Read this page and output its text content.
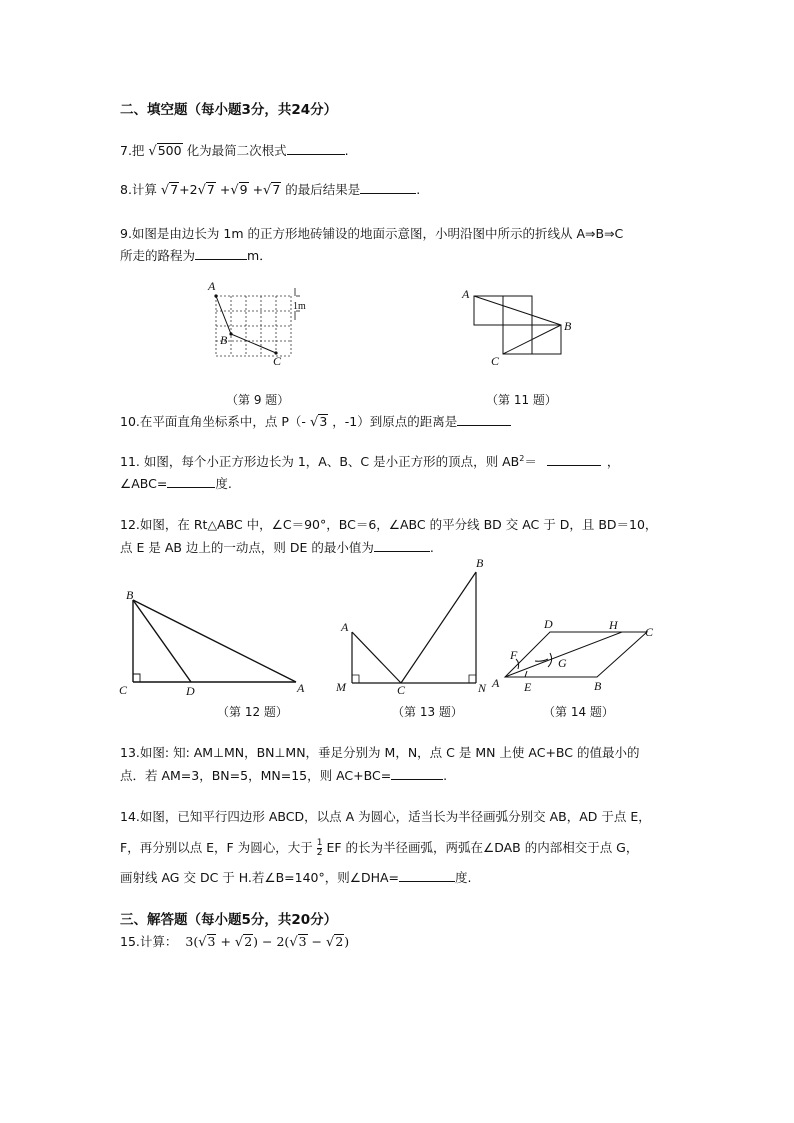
二、填空题（每小题3分，共24分）
7.把 √500 化为最简二次根式	.
8.计算 √7+2√7 +√9 +√7 的最后结果是	.
9.如图是由边长为 1m 的正方形地砖铺设的地面示意图，小明沿图中所示的折线从 A⇒B⇒C
所走的路程为	m．
A
B
C
1m
（第 9 题）
A
B
C
（第 11 题）
10.在平面直角坐标系中，点 P（- √3 ，-1）到原点的距离是
11. 如图，每个小正方形边长为 1，A、B、C 是小正方形的顶点，则 $AB^2=$	，
∠ABC=	度.
12.如图，在 Rt△ABC 中，∠C＝90°，BC＝6，∠ABC 的平分线 BD 交 AC 于 D，且 BD＝10，
点 E 是 AB 边上的一动点，则 DE 的最小值为	.
B
C	D	A
（第 12 题）
A
B
M	C	N
（第 13 题）
D	H C
F
G
A E	B
（第 14 题）
13.如图: 知: AM⊥MN，BN⊥MN，垂足分别为 M，N，点 C 是 MN 上使 AC+BC 的值最小的
点．若 AM=3，BN=5，MN=15，则 AC+BC=	.
14.如图，已知平行四边形 ABCD，以点 A 为圆心，适当长为半径画弧分别交 AB，AD 于点 E，
F，再分别以点 E，F 为圆心，大于 $\frac{1}{2}$ EF 的长为半径画弧，两弧在∠DAB 的内部相交于点 G，
画射线 AG 交 DC 于 H.若∠B=140°，则∠DHA=	度.
三、解答题（每小题5分，共20分）
15.计算： 3(√3 + √2) − 2(√3 − √2)
